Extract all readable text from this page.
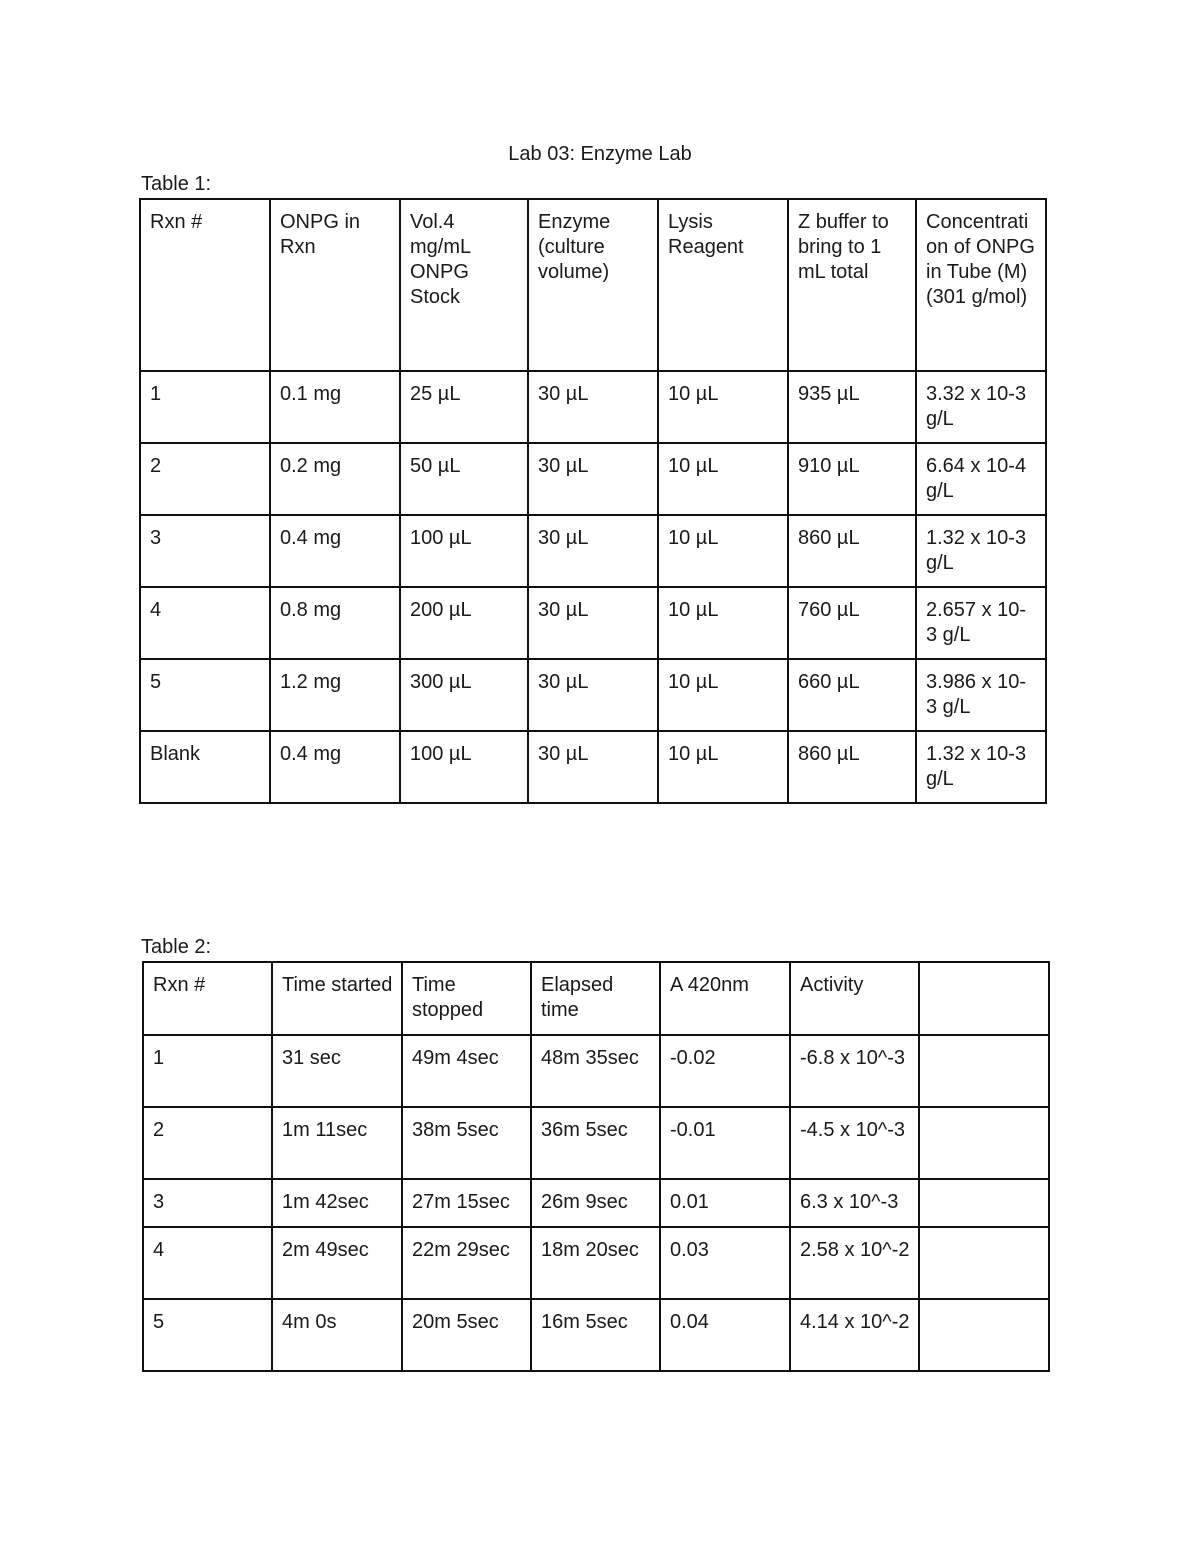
Lab 03: Enzyme Lab
Table 1:
Rxn #	ONPG in Rxn	Vol.4 mg/mL ONPG Stock	Enzyme (culture volume)	Lysis Reagent	Z buffer to bring to 1 mL total	Concentration of ONPG in Tube (M) (301 g/mol)
1	0.1 mg	25 µL	30 µL	10 µL	935 µL	3.32 x 10-3 g/L
2	0.2 mg	50 µL	30 µL	10 µL	910 µL	6.64 x 10-4 g/L
3	0.4 mg	100 µL	30 µL	10 µL	860 µL	1.32 x 10-3 g/L
4	0.8 mg	200 µL	30 µL	10 µL	760 µL	2.657 x 10-3 g/L
5	1.2 mg	300 µL	30 µL	10 µL	660 µL	3.986 x 10-3 g/L
Blank	0.4 mg	100 µL	30 µL	10 µL	860 µL	1.32 x 10-3 g/L
Table 2:
Rxn #	Time started	Time stopped	Elapsed time	A 420nm	Activity	
1	31 sec	49m 4sec	48m 35sec	-0.02	-6.8 x 10^-3	
2	1m 11sec	38m 5sec	36m 5sec	-0.01	-4.5 x 10^-3	
3	1m 42sec	27m 15sec	26m 9sec	0.01	6.3 x 10^-3	
4	2m 49sec	22m 29sec	18m 20sec	0.03	2.58 x 10^-2	
5	4m 0s	20m 5sec	16m 5sec	0.04	4.14 x 10^-2	
